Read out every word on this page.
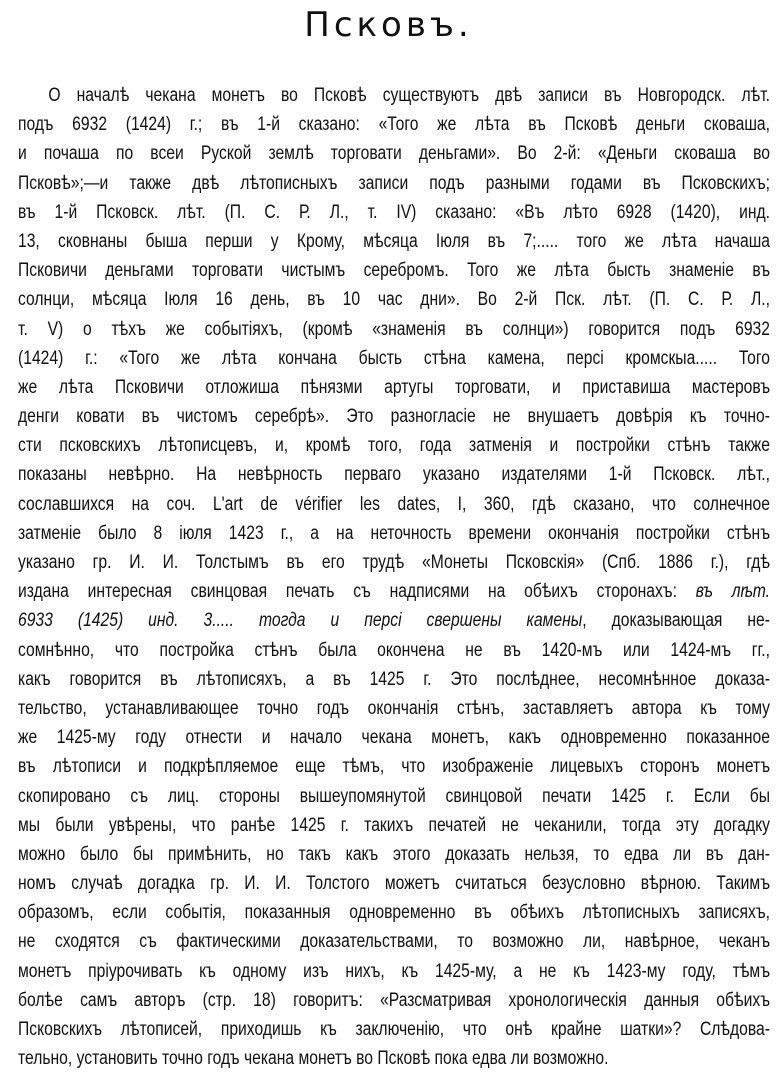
Псковъ.
О началѣ чекана монетъ во Псковѣ существуютъ двѣ записи въ Новгородск. лѣт.
подъ 6932 (1424) г.; въ 1-й сказано: «Того же лѣта въ Псковѣ деньги сковаша,
и почаша по всеи Руской землѣ торговати деньгами». Во 2-й: «Деньги сковаша во
Псковѣ»;—и также двѣ лѣтописныхъ записи подъ разными годами въ Псковскихъ;
въ 1-й Псковск. лѣт. (П. С. Р. Л., т. IV) сказано: «Въ лѣто 6928 (1420), инд.
13, сковнаны быша перши у Крому, мѣсяца Іюля въ 7;..... того же лѣта начаша
Псковичи деньгами торговати чистымъ серебромъ. Того же лѣта бысть знаменіе въ
солнци, мѣсяца Іюля 16 день, въ 10 час дни». Во 2-й Пск. лѣт. (П. С. Р. Л.,
т. V) о тѣхъ же событіяхъ, (кромѣ «знаменія въ солнци») говорится подъ 6932
(1424) г.: «Того же лѣта кончана бысть стѣна камена, персі кромскыа..... Того
же лѣта Псковичи отложиша пѣнязми артугы торговати, и приставиша мастеровъ
денги ковати въ чистомъ серебрѣ». Это разногласіе не внушаетъ довѣрія къ точно-
сти псковскихъ лѣтописцевъ, и, кромѣ того, года затменія и постройки стѣнъ также
показаны невѣрно. На невѣрность перваго указано издателями 1-й Псковск. лѣт.,
сославшихся на соч. L'art de vérifier les dates, I, 360, гдѣ сказано, что солнечное
затменіе было 8 іюля 1423 г., а на неточность времени окончанія постройки стѣнъ
указано гр. И. И. Толстымъ въ его трудѣ «Монеты Псковскія» (Спб. 1886 г.), гдѣ
издана интересная свинцовая печать съ надписями на обѣихъ сторонахъ: въ лѣт.
6933 (1425) инд. 3..... тогда и персі свершены камены, доказывающая не-
сомнѣнно, что постройка стѣнъ была окончена не въ 1420-мъ или 1424-мъ гг.,
какъ говорится въ лѣтописяхъ, а въ 1425 г. Это послѣднее, несомнѣнное доказа-
тельство, устанавливающее точно годъ окончанія стѣнъ, заставляетъ автора къ тому
же 1425-му году отнести и начало чекана монетъ, какъ одновременно показанное
въ лѣтописи и подкрѣпляемое еще тѣмъ, что изображеніе лицевыхъ сторонъ монетъ
скопировано съ лиц. стороны вышеупомянутой свинцовой печати 1425 г. Если бы
мы были увѣрены, что ранѣе 1425 г. такихъ печатей не чеканили, тогда эту догадку
можно было бы примѣнить, но такъ какъ этого доказать нельзя, то едва ли въ дан-
номъ случаѣ догадка гр. И. И. Толстого можетъ считаться безусловно вѣрною. Такимъ
образомъ, если событія, показанныя одновременно въ обѣихъ лѣтописныхъ записяхъ,
не сходятся съ фактическими доказательствами, то возможно ли, навѣрное, чеканъ
монетъ пріурочивать къ одному изъ нихъ, къ 1425-му, а не къ 1423-му году, тѣмъ
болѣе самъ авторъ (стр. 18) говоритъ: «Разсматривая хронологическія данныя обѣихъ
Псковскихъ лѣтописей, приходишь къ заключенію, что онѣ крайне шатки»? Слѣдова-
тельно, установить точно годъ чекана монетъ во Псковѣ пока едва ли возможно.
